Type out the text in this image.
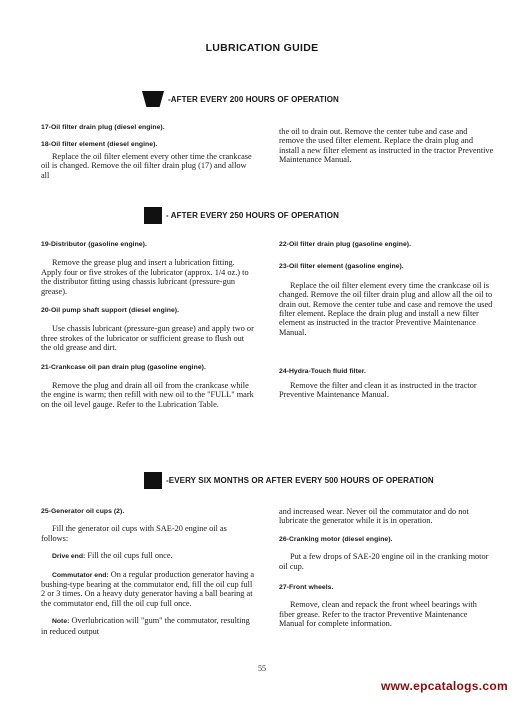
LUBRICATION GUIDE
-AFTER EVERY 200 HOURS OF OPERATION
17-Oil filter drain plug (diesel engine).
18-Oil filter element (diesel engine).

Replace the oil filter element every other time the crankcase oil is changed. Remove the oil filter drain plug (17) and allow all

the oil to drain out. Remove the center tube and case and remove the used filter element. Replace the drain plug and install a new filter element as instructed in the tractor Preventive Maintenance Manual.

- AFTER EVERY 250 HOURS OF OPERATION
19-Distributor (gasoline engine).

Remove the grease plug and insert a lubrication fitting. Apply four or five strokes of the lubricator (approx. 1/4 oz.) to the distributor fitting using chassis lubricant (pressure-gun grease).

20-Oil pump shaft support (diesel engine).

Use chassis lubricant (pressure-gun grease) and apply two or three strokes of the lubricator or sufficient grease to flush out the old grease and dirt.

21-Crankcase oil pan drain plug (gasoline engine).

Remove the plug and drain all oil from the crankcase while the engine is warm; then refill with new oil to the "FULL" mark on the oil level gauge. Refer to the Lubrication Table.

22-Oil filter drain plug (gasoline engine).
23-Oil filter element (gasoline engine).

Replace the oil filter element every time the crankcase oil is changed. Remove the oil filter drain plug and allow all the oil to drain out. Remove the center tube and case and remove the used filter element. Replace the drain plug and install a new filter element as instructed in the tractor Preventive Maintenance Manual.

24-Hydra-Touch fluid filter.

Remove the filter and clean it as instructed in the tractor Preventive Maintenance Manual.

-EVERY SIX MONTHS OR AFTER EVERY 500 HOURS OF OPERATION
25-Generator oil cups (2).

Fill the generator oil cups with SAE-20 engine oil as follows:

Drive end: Fill the oil cups full once.

Commutator end: On a regular production generator having a bushing-type bearing at the commutator end, fill the oil cup full 2 or 3 times. On a heavy duty generator having a ball bearing at the commutator end, fill the oil cup full once.

Note: Overlubrication will "gum" the commutator, resulting in reduced output

and increased wear. Never oil the commutator and do not lubricate the generator while it is in operation.

26-Cranking motor (diesel engine).

Put a few drops of SAE-20 engine oil in the cranking motor oil cup.

27-Front wheels.

Remove, clean and repack the front wheel bearings with fiber grease. Refer to the tractor Preventive Maintenance Manual for complete information.

55
www.epcatalogs.com
